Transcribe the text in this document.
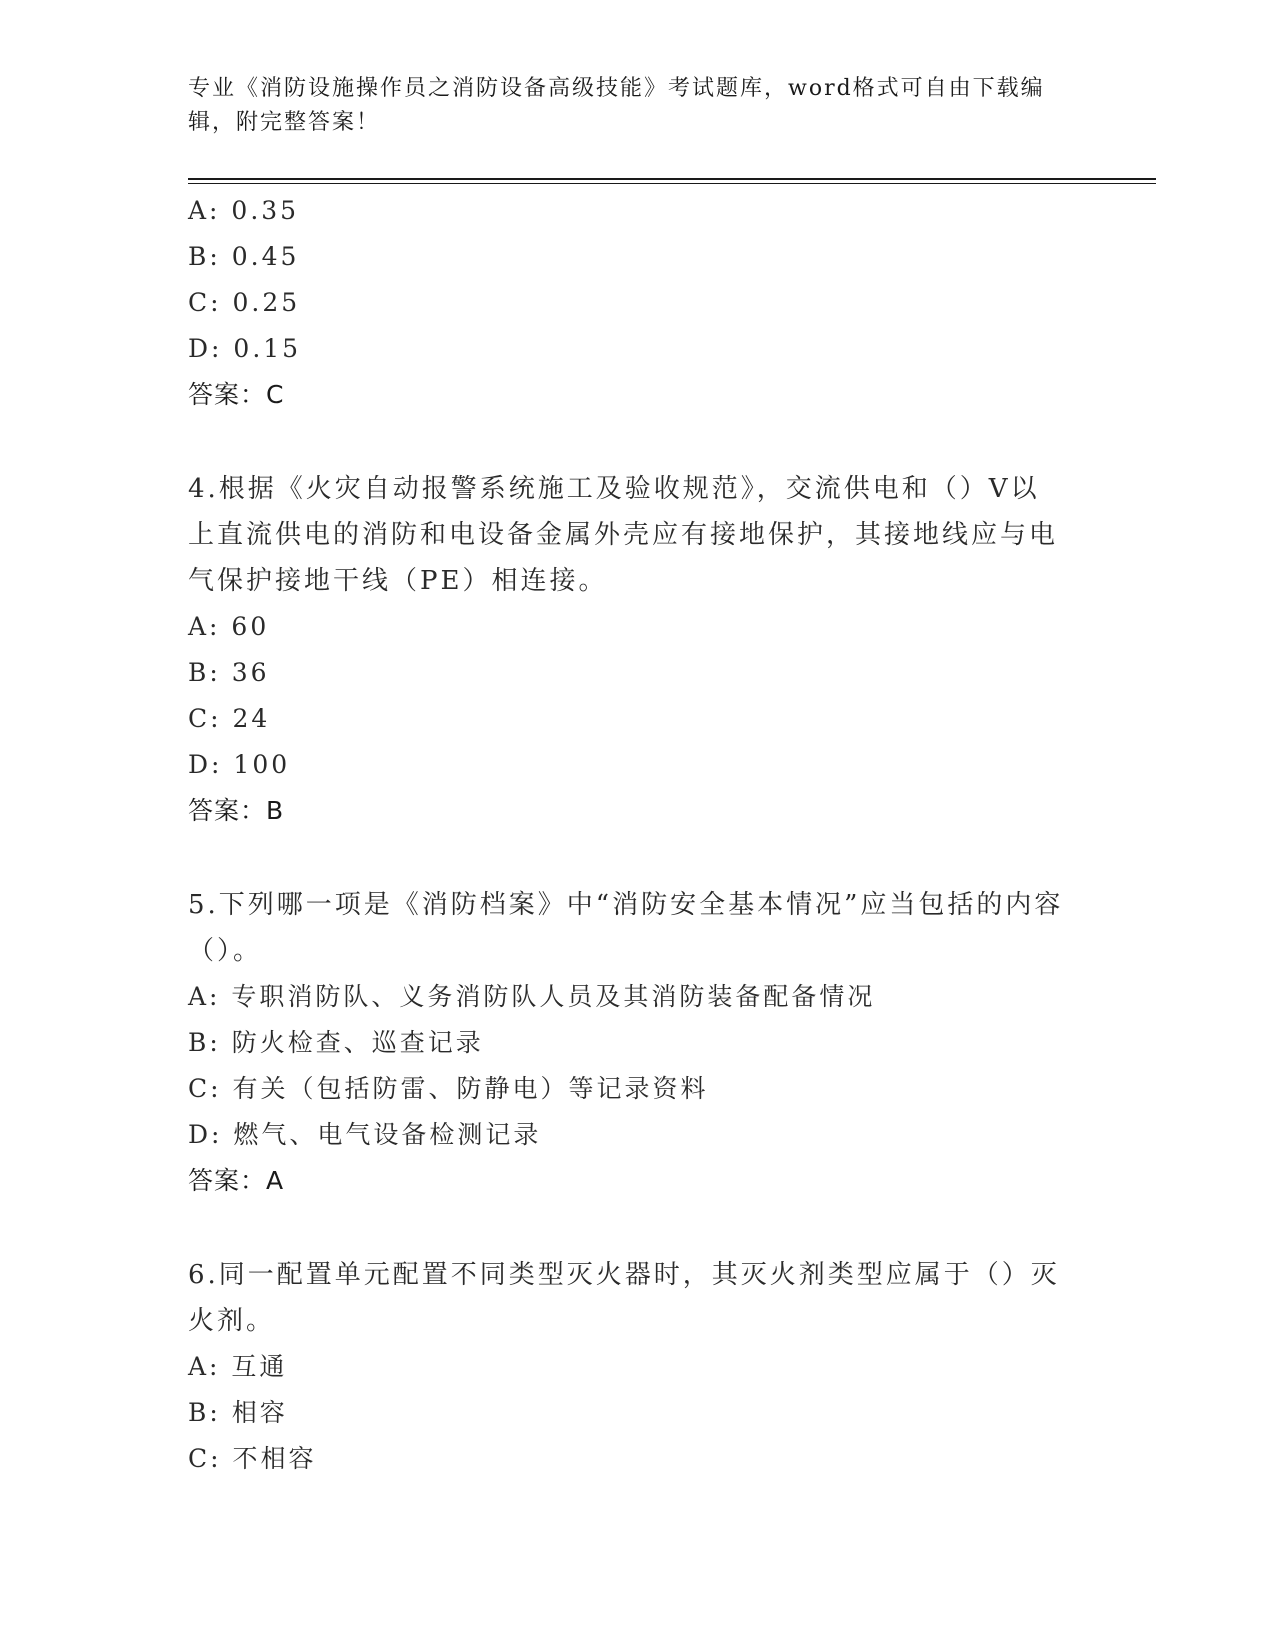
专业《消防设施操作员之消防设备高级技能》考试题库，word格式可自由下载编辑，附完整答案！
A: 0.35
B: 0.45
C: 0.25
D: 0.15
答案：C
4.根据《火灾自动报警系统施工及验收规范》，交流供电和（）V以上直流供电的消防和电设备金属外壳应有接地保护，其接地线应与电气保护接地干线（PE）相连接。
A: 60
B: 36
C: 24
D: 100
答案：B
5.下列哪一项是《消防档案》中“消防安全基本情况”应当包括的内容（）。
A: 专职消防队、义务消防队人员及其消防装备配备情况
B: 防火检查、巡查记录
C: 有关（包括防雷、防静电）等记录资料
D: 燃气、电气设备检测记录
答案：A
6.同一配置单元配置不同类型灭火器时，其灭火剂类型应属于（）灭火剂。
A: 互通
B: 相容
C: 不相容
